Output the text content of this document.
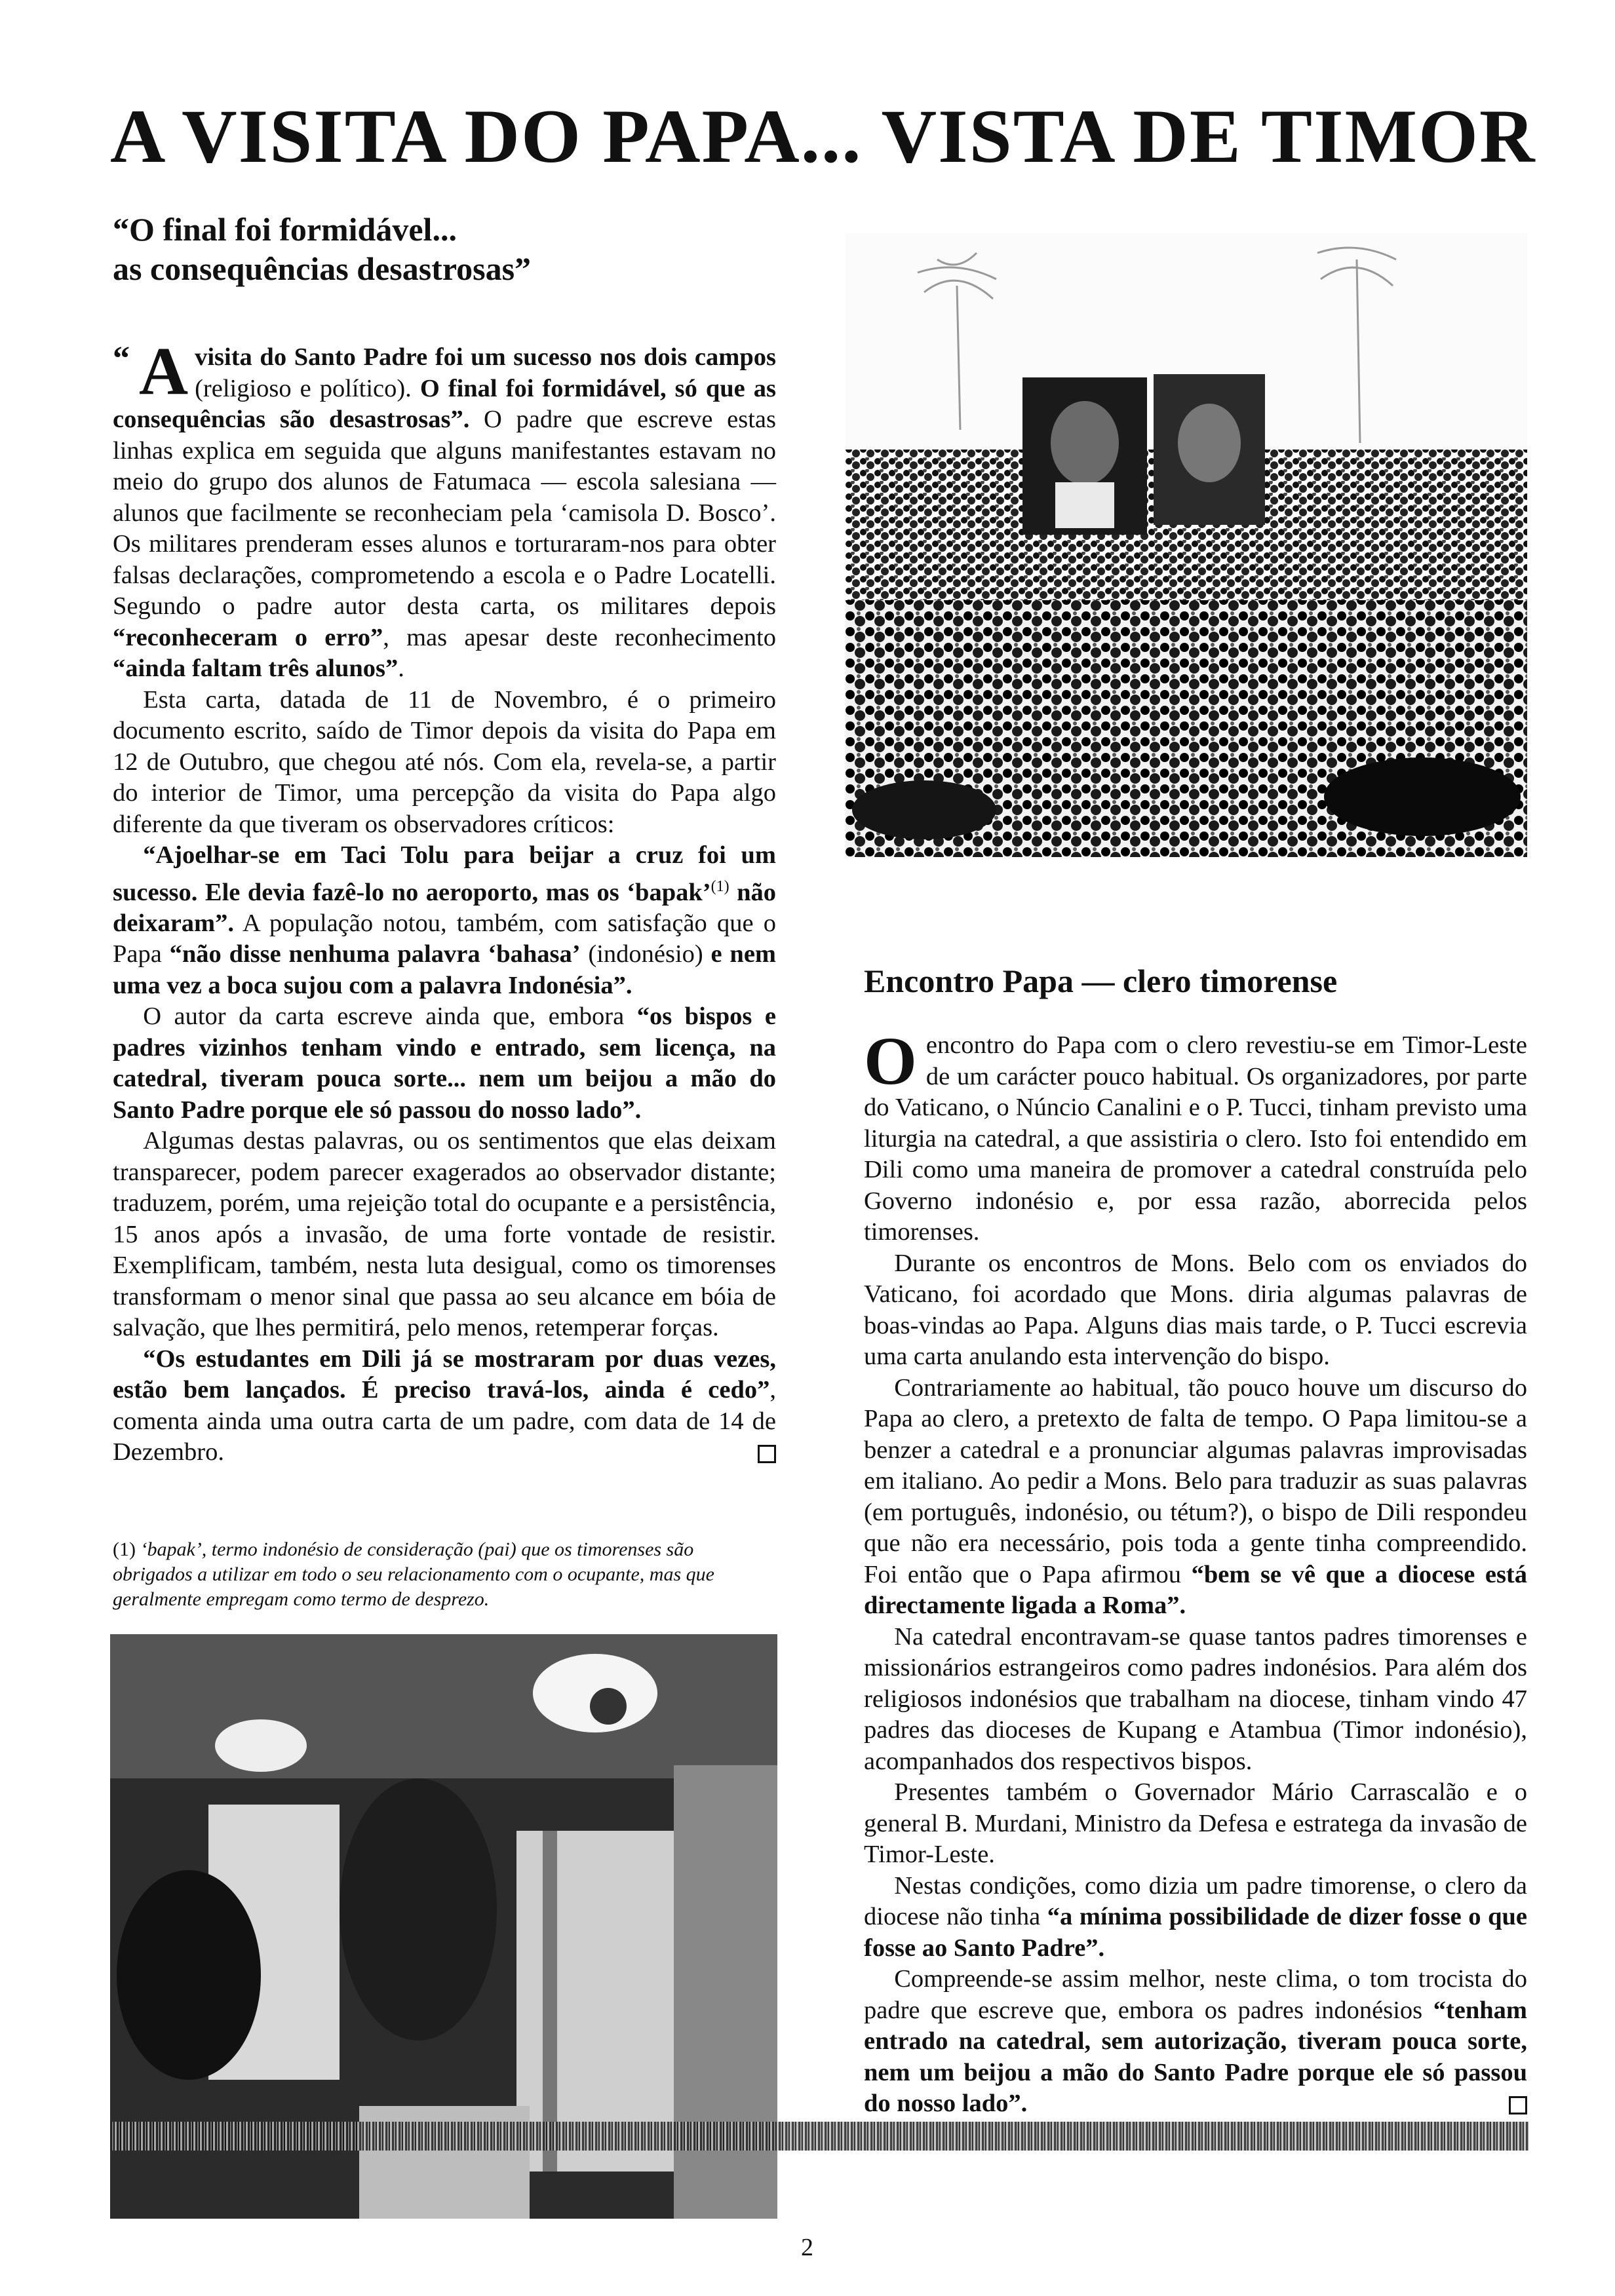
A VISITA DO PAPA... VISTA DE TIMOR
“O final foi formidável...
as consequências desastrosas”

“ A visita do Santo Padre foi um sucesso nos dois campos (religioso e político). O final foi formidável, só que as consequências são desastrosas”. O padre que escreve estas linhas explica em seguida que alguns manifestantes estavam no meio do grupo dos alunos de Fatumaca — escola salesiana — alunos que facilmente se reconheciam pela ‘camisola D. Bosco’. Os militares prenderam esses alunos e torturaram-nos para obter falsas declarações, comprometendo a escola e o Padre Locatelli. Segundo o padre autor desta carta, os militares depois “reconheceram o erro”, mas apesar deste reconhecimento “ainda faltam três alunos”.

Esta carta, datada de 11 de Novembro, é o primeiro documento escrito, saído de Timor depois da visita do Papa em 12 de Outubro, que chegou até nós. Com ela, revela-se, a partir do interior de Timor, uma percepção da visita do Papa algo diferente da que tiveram os observadores críticos:

“Ajoelhar-se em Taci Tolu para beijar a cruz foi um sucesso. Ele devia fazê-lo no aeroporto, mas os ‘bapak’$^{(1)}$ não deixaram”. A população notou, também, com satisfação que o Papa “não disse nenhuma palavra ‘bahasa’ (indonésio) e nem uma vez a boca sujou com a palavra Indonésia”.

O autor da carta escreve ainda que, embora “os bispos e padres vizinhos tenham vindo e entrado, sem licença, na catedral, tiveram pouca sorte... nem um beijou a mão do Santo Padre porque ele só passou do nosso lado”.

Algumas destas palavras, ou os sentimentos que elas deixam transparecer, podem parecer exagerados ao observador distante; traduzem, porém, uma rejeição total do ocupante e a persistência, 15 anos após a invasão, de uma forte vontade de resistir. Exemplificam, também, nesta luta desigual, como os timorenses transformam o menor sinal que passa ao seu alcance em bóia de salvação, que lhes permitirá, pelo menos, retemperar forças.

“Os estudantes em Dili já se mostraram por duas vezes, estão bem lançados. É preciso travá-los, ainda é cedo”, comenta ainda uma outra carta de um padre, com data de 14 de Dezembro.

(1) ‘bapak’, termo indonésio de consideração (pai) que os timorenses são obrigados a utilizar em todo o seu relacionamento com o ocupante, mas que geralmente empregam como termo de desprezo.
Encontro Papa — clero timorense

Oencontro do Papa com o clero revestiu-se em Timor-Leste de um carácter pouco habitual. Os organizadores, por parte do Vaticano, o Núncio Canalini e o P. Tucci, tinham previsto uma liturgia na catedral, a que assistiria o clero. Isto foi entendido em Dili como uma maneira de promover a catedral construída pelo Governo indonésio e, por essa razão, aborrecida pelos timorenses.

Durante os encontros de Mons. Belo com os enviados do Vaticano, foi acordado que Mons. diria algumas palavras de boas-vindas ao Papa. Alguns dias mais tarde, o P. Tucci escrevia uma carta anulando esta intervenção do bispo.

Contrariamente ao habitual, tão pouco houve um discurso do Papa ao clero, a pretexto de falta de tempo. O Papa limitou-se a benzer a catedral e a pronunciar algumas palavras improvisadas em italiano. Ao pedir a Mons. Belo para traduzir as suas palavras (em português, indonésio, ou tétum?), o bispo de Dili respondeu que não era necessário, pois toda a gente tinha compreendido. Foi então que o Papa afirmou “bem se vê que a diocese está directamente ligada a Roma”.

Na catedral encontravam-se quase tantos padres timorenses e missionários estrangeiros como padres indonésios. Para além dos religiosos indonésios que trabalham na diocese, tinham vindo 47 padres das dioceses de Kupang e Atambua (Timor indonésio), acompanhados dos respectivos bispos.

Presentes também o Governador Mário Carrascalão e o general B. Murdani, Ministro da Defesa e estratega da invasão de Timor-Leste.

Nestas condições, como dizia um padre timorense, o clero da diocese não tinha “a mínima possibilidade de dizer fosse o que fosse ao Santo Padre”.

Compreende-se assim melhor, neste clima, o tom trocista do padre que escreve que, embora os padres indonésios “tenham entrado na catedral, sem autorização, tiveram pouca sorte, nem um beijou a mão do Santo Padre porque ele só passou do nosso lado”.

2
